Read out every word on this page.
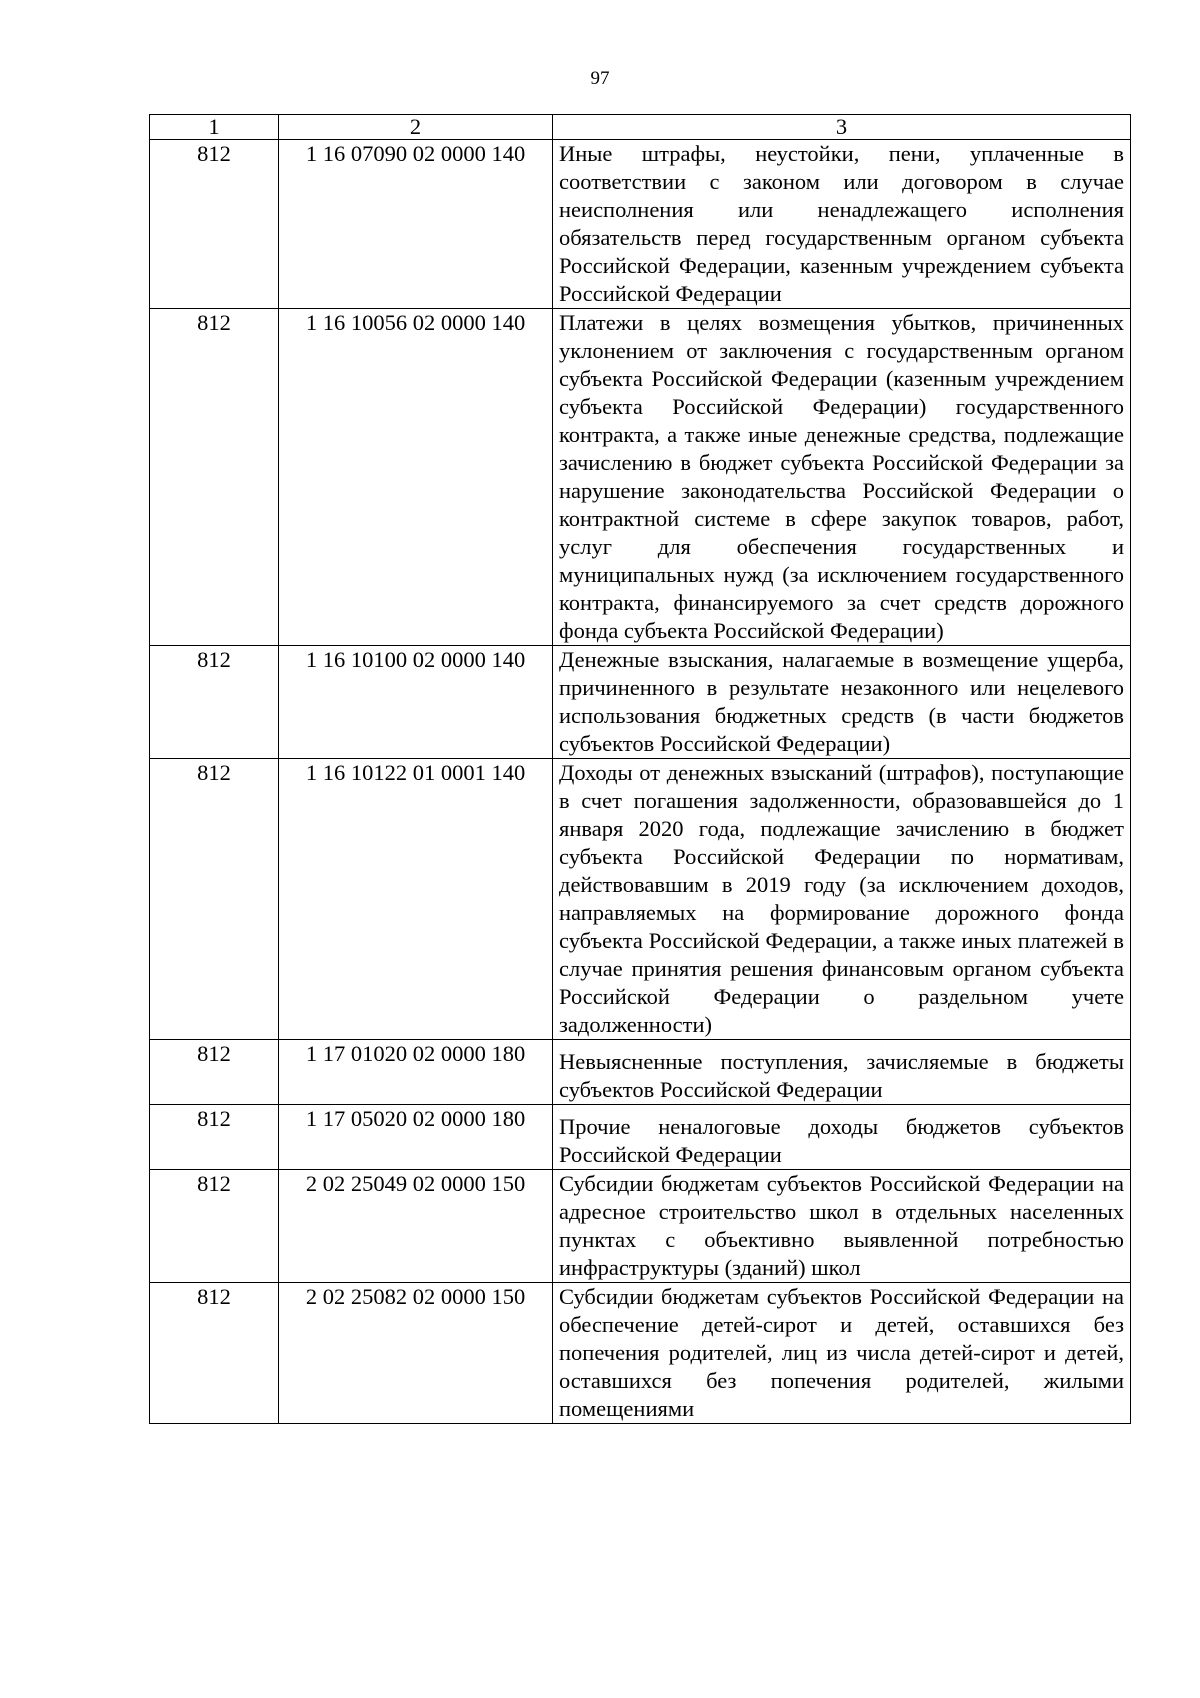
97
1	2	3
812	1 16 07090 02 0000 140	Иные штрафы, неустойки, пени, уплаченные в соответствии с законом или договором в случае неисполнения или ненадлежащего исполнения обязательств перед государственным органом субъекта Российской Федерации, казенным учреждением субъекта Российской Федерации
812	1 16 10056 02 0000 140	Платежи в целях возмещения убытков, причиненных уклонением от заключения с государственным органом субъекта Российской Федерации (казенным учреждением субъекта Российской Федерации) государственного контракта, а также иные денежные средства, подлежащие зачислению в бюджет субъекта Российской Федерации за нарушение законодательства Российской Федерации о контрактной системе в сфере закупок товаров, работ, услуг для обеспечения государственных и муниципальных нужд (за исключением государственного контракта, финансируемого за счет средств дорожного фонда субъекта Российской Федерации)
812	1 16 10100 02 0000 140	Денежные взыскания, налагаемые в возмещение ущерба, причиненного в результате незаконного или нецелевого использования бюджетных средств (в части бюджетов субъектов Российской Федерации)
812	1 16 10122 01 0001 140	Доходы от денежных взысканий (штрафов), поступающие в счет погашения задолженности, образовавшейся до 1 января 2020 года, подлежащие зачислению в бюджет субъекта Российской Федерации по нормативам, действовавшим в 2019 году (за исключением доходов, направляемых на формирование дорожного фонда субъекта Российской Федерации, а также иных платежей в случае принятия решения финансовым органом субъекта Российской Федерации о раздельном учете задолженности)
812	1 17 01020 02 0000 180	Невыясненные поступления, зачисляемые в бюджеты субъектов Российской Федерации
812	1 17 05020 02 0000 180	Прочие неналоговые доходы бюджетов субъектов Российской Федерации
812	2 02 25049 02 0000 150	Субсидии бюджетам субъектов Российской Федерации на адресное строительство школ в отдельных населенных пунктах с объективно выявленной потребностью инфраструктуры (зданий) школ
812	2 02 25082 02 0000 150	Субсидии бюджетам субъектов Российской Федерации на обеспечение детей-сирот и детей, оставшихся без попечения родителей, лиц из числа детей-сирот и детей, оставшихся без попечения родителей, жилыми помещениями
